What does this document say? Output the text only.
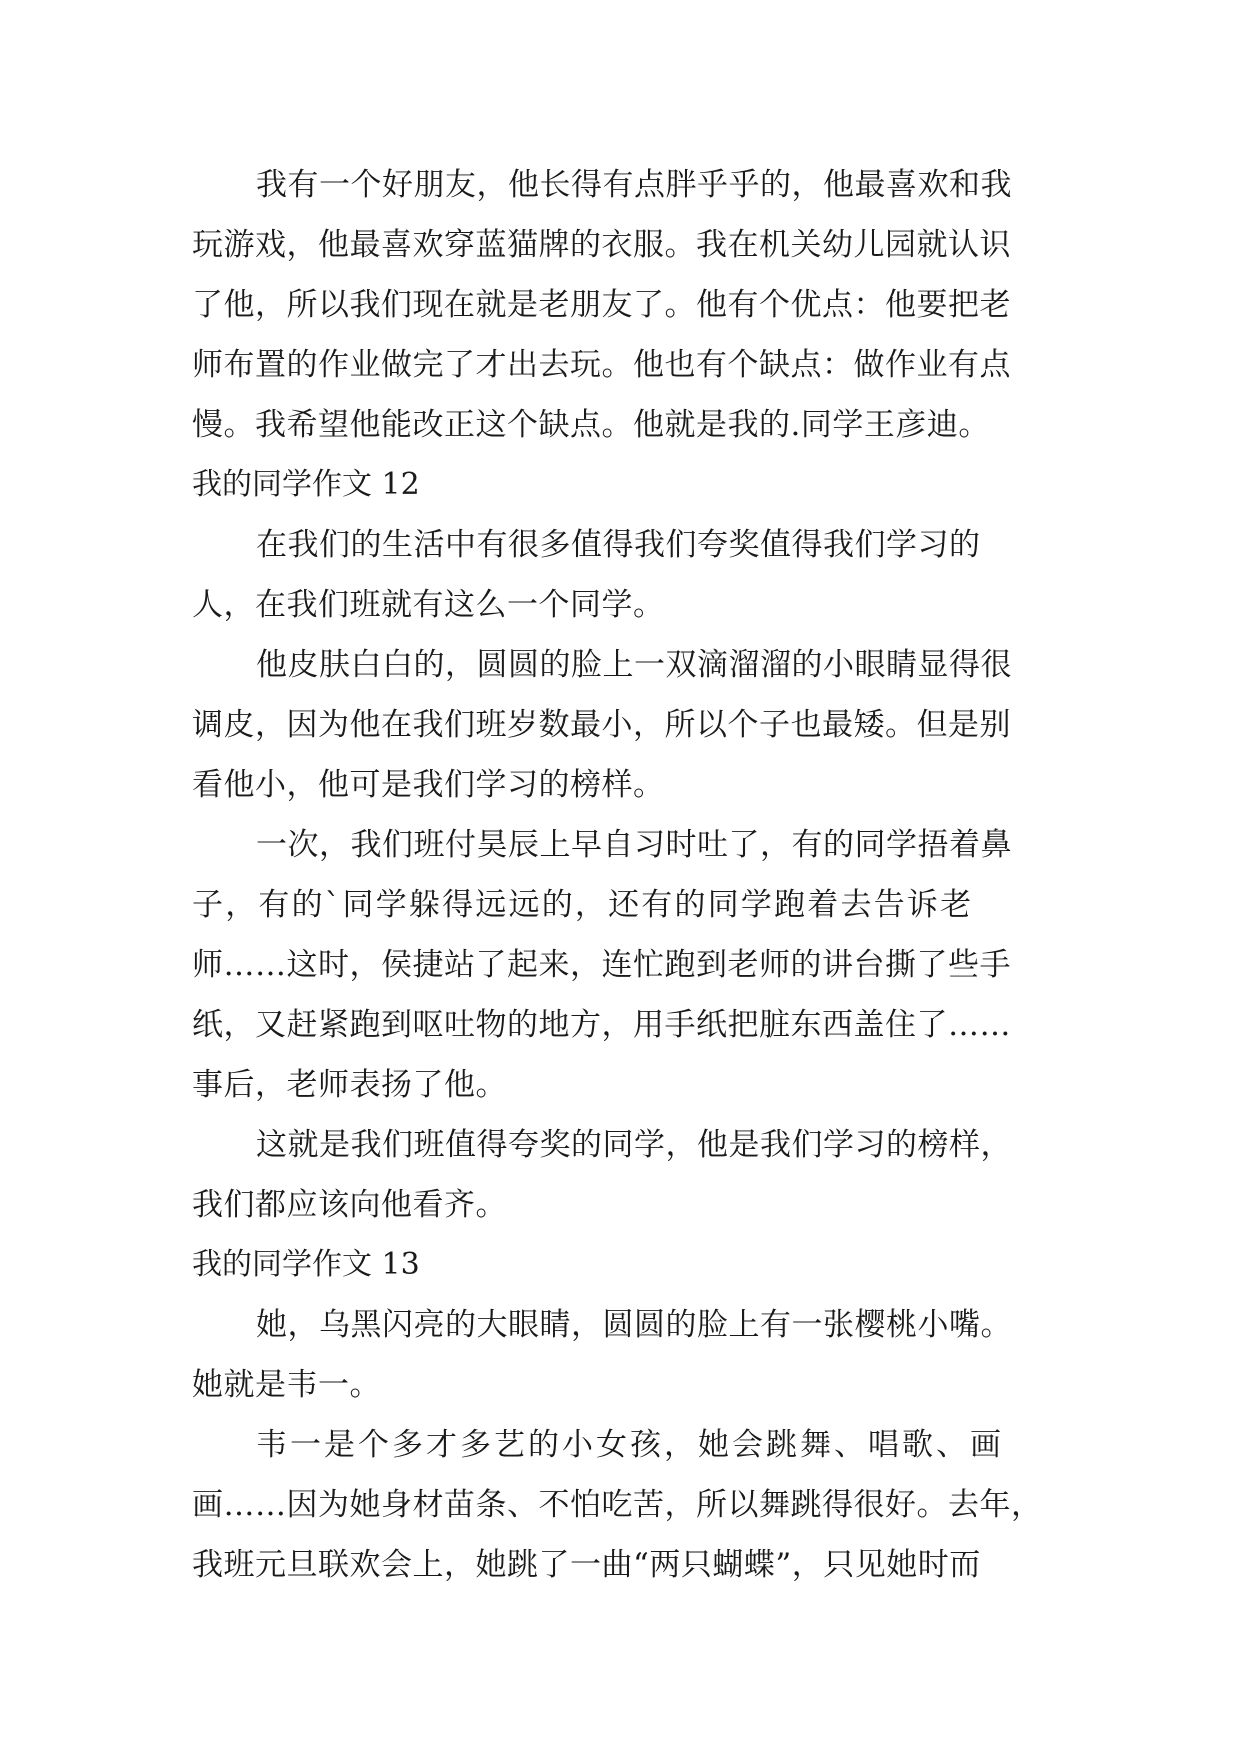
我有一个好朋友，他长得有点胖乎乎的，他最喜欢和我
玩游戏，他最喜欢穿蓝猫牌的衣服。我在机关幼儿园就认识
了他，所以我们现在就是老朋友了。他有个优点：他要把老
师布置的作业做完了才出去玩。他也有个缺点：做作业有点
慢。我希望他能改正这个缺点。他就是我的.同学王彦迪。
我的同学作文 12
在我们的生活中有很多值得我们夸奖值得我们学习的
人，在我们班就有这么一个同学。
他皮肤白白的，圆圆的脸上一双滴溜溜的小眼睛显得很
调皮，因为他在我们班岁数最小，所以个子也最矮。但是别
看他小，他可是我们学习的榜样。
一次，我们班付昊辰上早自习时吐了，有的同学捂着鼻
子，有的`同学躲得远远的，还有的同学跑着去告诉老
师……这时，侯捷站了起来，连忙跑到老师的讲台撕了些手
纸，又赶紧跑到呕吐物的地方，用手纸把脏东西盖住了……
事后，老师表扬了他。
这就是我们班值得夸奖的同学，他是我们学习的榜样，
我们都应该向他看齐。
我的同学作文 13
她，乌黑闪亮的大眼睛，圆圆的脸上有一张樱桃小嘴。
她就是韦一。
韦一是个多才多艺的小女孩，她会跳舞、唱歌、画
画……因为她身材苗条、不怕吃苦，所以舞跳得很好。去年，
我班元旦联欢会上，她跳了一曲“两只蝴蝶”，只见她时而
